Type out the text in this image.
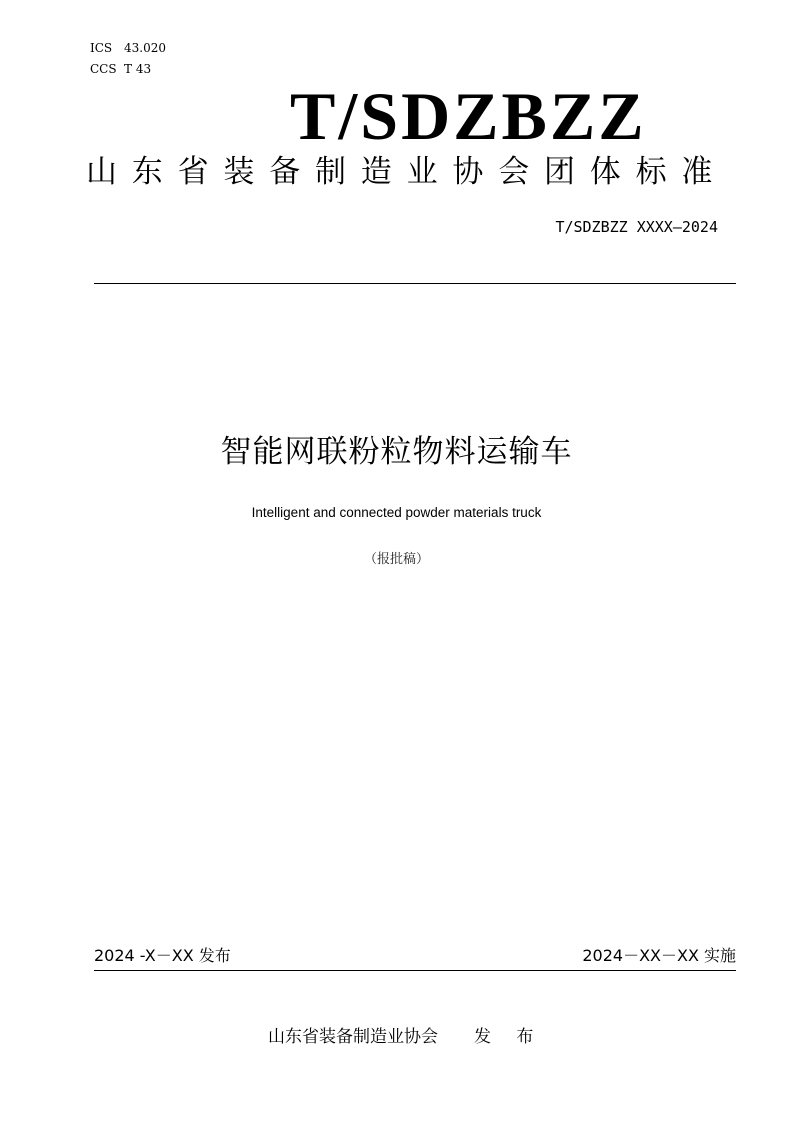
ICS 43.020
CCS T 43
T/SDZBZZ
山东省装备制造业协会团体标准
T/SDZBZZ XXXX—2024
智能网联粉粒物料运输车
Intelligent and connected powder materials truck
（报批稿）
2024 -X－XX 发布	2024－XX－XX 实施
山东省装备制造业协会 发 布
